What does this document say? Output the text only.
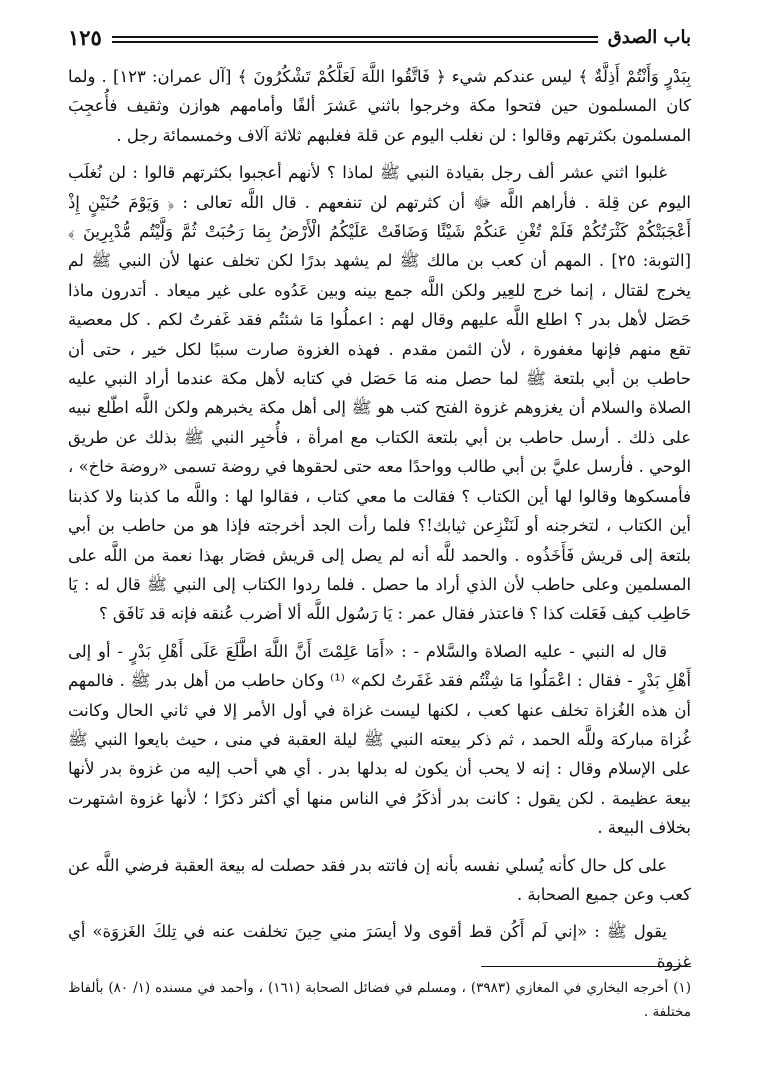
باب الصدق
١٢٥

بِبَدْرٍ وَأَنْتُمْ أَذِلَّةٌ ﴾ ليس عندكم شيء ﴿ فَاتَّقُوا اللَّهَ لَعَلَّكُمْ تَشْكُرُونَ ﴾ [آل عمران: ١٢٣] . ولما كان المسلمون حين فتحوا مكة وخرجوا باثني عَشرَ ألفًا وأمامهم هوازن وثقيف فأُعجِبَ المسلمون بكثرتهم وقالوا : لن نغلب اليوم عن قلة فغلبهم ثلاثة آلاف وخمسمائة رجل .

غلبوا اثني عشر ألف رجل بقيادة النبي ﷺ لماذا ؟ لأنهم أعجبوا بكثرتهم قالوا : لن نُغلَب اليوم عن قِلة . فأراهم اللَّه ﷻ أن كثرتهم لن تنفعهم . قال اللَّه تعالى : ﴿ وَيَوْمَ حُنَيْنٍ إِذْ أَعْجَبَتْكُمْ كَثْرَتُكُمْ فَلَمْ تُغْنِ عَنكُمْ شَيْئًا وَضَاقَتْ عَلَيْكُمُ الْأَرْضُ بِمَا رَحُبَتْ ثُمَّ وَلَّيْتُم مُّدْبِرِينَ ﴾ [التوبة: ٢٥] . المهم أن كعب بن مالك ﷺ لم يشهد بدرًا لكن تخلف عنها لأن النبي ﷺ لم يخرج لقتال ، إنما خرج للعِير ولكن اللَّه جمع بينه وبين عَدُوه على غير ميعاد . أتدرون ماذا حَصَل لأهل بدر ؟ اطلع اللَّه عليهم وقال لهم : اعملُوا مَا شئتُم فقد غَفرتُ لكم . كل معصية تقع منهم فإنها مغفورة ، لأن الثمن مقدم . فهذه الغزوة صارت سببًا لكل خير ، حتى أن حاطب بن أبي بلتعة ﷺ لما حصل منه مَا حَصَل في كتابه لأهل مكة عندما أراد النبي عليه الصلاة والسلام أن يغزوهم غزوة الفتح كتب هو ﷺ إلى أهل مكة يخبرهم ولكن اللَّه اطّلع نبيه على ذلك . أرسل حاطب بن أبي بلتعة الكتاب مع امرأة ، فأُخبِر النبي ﷺ بذلك عن طريق الوحي . فأرسل عليَّ بن أبي طالب وواحدًا معه حتى لحقوها في روضة تسمى «روضة خاخ» ، فأمسكوها وقالوا لها أين الكتاب ؟ فقالت ما معي كتاب ، فقالوا لها : واللَّه ما كذبنا ولا كذبنا أين الكتاب ، لتخرجنه أو لَنَنْزِعن ثيابك!؟ فلما رأت الجد أخرجته فإذا هو من حاطب بن أبي بلتعة إلى قريش فَأَخَذُوه . والحمد للَّه أنه لم يصل إلى قريش فصَار بهذا نعمة من اللَّه على المسلمين وعلى حاطب لأن الذي أراد ما حصل . فلما ردوا الكتاب إلى النبي ﷺ قال له : يَا حَاطِب كيف فَعَلت كذا ؟ فاعتذر فقال عمر : يَا رَسُول اللَّه ألا أضرب عُنقه فإنه قد نَافَق ؟

قال له النبي - عليه الصلاة والسَّلام - : «أَمَا عَلِمْتَ أَنَّ اللَّهَ اطَّلَعَ عَلَى أَهْلِ بَدْرٍ - أو إلى أَهْلِ بَدْرٍ - فقال : اعْمَلُوا مَا شِئْتُم فقد غَفَرتُ لكم» ⁽¹⁾ وكان حاطب من أهل بدر ﷺ . فالمهم أن هذه الغُزاة تخلف عنها كعب ، لكنها ليست غزاة في أول الأمر إلا في ثاني الحال وكانت غُزاة مباركة وللَّه الحمد ، ثم ذكر بيعته النبي ﷺ ليلة العقبة في منى ، حيث بايعوا النبي ﷺ على الإسلام وقال : إنه لا يحب أن يكون له بدلها بدر . أي هي أحب إليه من غزوة بدر لأنها بيعة عظيمة . لكن يقول : كانت بدر أذكَرُ في الناس منها أي أكثر ذكرًا ؛ لأنها غزوة اشتهرت بخلاف البيعة .

على كل حال كأنه يُسلي نفسه بأنه إن فاتته بدر فقد حصلت له بيعة العقبة فرضي اللَّه عن كعب وعن جميع الصحابة .

يقول ﷺ : «إني لَم أَكُن قط أقوى ولا أيسَرَ مني حِينَ تخلفت عنه في تِلكَ الغَزوَة» أي غزوة

(١) أخرجه البخاري في المغازي (٣٩٨٣) ، ومسلم في فضائل الصحابة (١٦١) ، وأحمد في مسنده (١/ ٨٠) بألفاظ مختلفة .
